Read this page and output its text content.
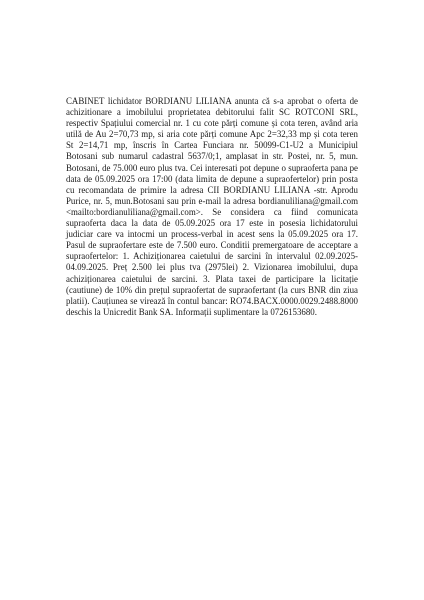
CABINET lichidator BORDIANU LILIANA anunta că s-a aprobat o oferta de achizitionare a imobilului proprietatea debitorului falit SC ROTCONI SRL, respectiv Spațiului comercial nr. 1 cu cote părți comune și cota teren, având aria utilă de Au 2=70,73 mp, si aria cote părți comune Apc 2=32,33 mp și cota teren St 2=14,71 mp, înscris în Cartea Funciara nr. 50099-C1-U2 a Municipiul Botosani sub numarul cadastral 5637/0;1, amplasat in str. Postei, nr. 5, mun. Botosani, de 75.000 euro plus tva. Cei interesati pot depune o supraoferta pana pe data de 05.09.2025 ora 17:00 (data limita de depune a supraofertelor) prin posta cu recomandata de primire la adresa CII BORDIANU LILIANA -str. Aprodu Purice, nr. 5, mun.Botosani sau prin e-mail la adresa bordianuliliana@gmail.com <mailto:bordianuliliana@gmail.com>. Se considera ca fiind comunicata supraoferta daca la data de 05.09.2025 ora 17 este in posesia lichidatorului judiciar care va intocmi un process-verbal in acest sens la 05.09.2025 ora 17. Pasul de supraofertare este de 7.500 euro. Conditii premergatoare de acceptare a supraofertelor: 1. Achiziționarea caietului de sarcini în intervalul 02.09.2025-04.09.2025. Preț 2.500 lei plus tva (2975lei) 2. Vizionarea imobilului, dupa achiziționarea caietului de sarcini. 3. Plata taxei de participare la licitație (cautiune) de 10% din prețul supraofertat de supraofertant (la curs BNR din ziua platii). Cauțiunea se virează în contul bancar: RO74.BACX.0000.0029.2488.8000 deschis la Unicredit Bank SA. Informații suplimentare la 0726153680.
